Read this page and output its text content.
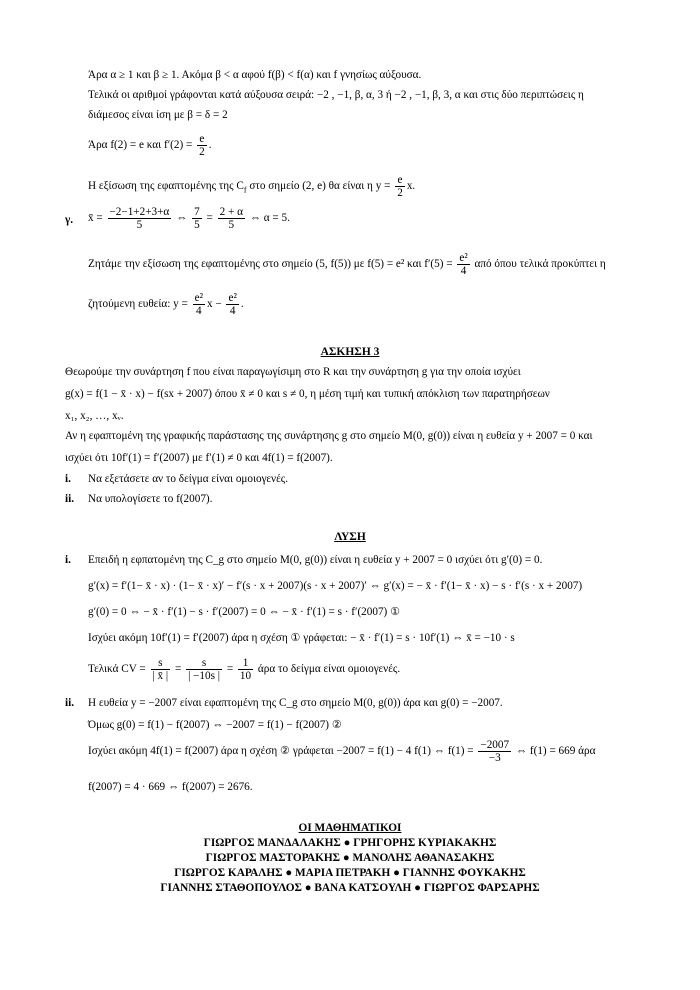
Άρα α ≥ 1 και β ≥ 1. Ακόμα β < α αφού f(β) < f(α) και f γνησίως αύξουσα.
Τελικά οι αριθμοί γράφονται κατά αύξουσα σειρά: −2 , −1, β, α, 3 ή −2 , −1, β, 3, α και στις δύο περιπτώσεις η
διάμεσος είναι ίση με β = δ = 2
Άρα f(2) = e και $f'(2) = \frac{e}{2}$ .
Η εξίσωση της εφαπτομένης της $C_f$ στο σημείο (2, e) θα είναι η $y = \frac{e}{2} x$.
γ. x̄ = $\frac{-2-1+2+3+\alpha}{5}$ ⇔ $\frac{7}{5} = \frac{2 + \alpha}{5}$ ⇔ α = 5.
Ζητάμε την εξίσωση της εφαπτομένης στο σημείο (5, f(5)) με f(5) = e² και $f'(5) = \frac{\text{e²}}{4}$ από όπου τελικά προκύπτει η
ζητούμενη ευθεία: $y = \frac{\text{e²}}{4}$ $x - \frac{\text{e²}}{4}$ .
ΑΣΚΗΣΗ 3
Θεωρούμε την συνάρτηση f που είναι παραγωγίσιμη στο R και την συνάρτηση g για την οποία ισχύει
g(x) = f(1 − x̄ · x) − f(sx + 2007) όπου x̄ ≠ 0 και s ≠ 0, η μέση τιμή και τυπική απόκλιση των παρατηρήσεων
x₁, x₂, …, xᵥ.
Αν η εφαπτομένη της γραφικής παράστασης της συνάρτησης g στο σημείο M(0, g(0)) είναι η ευθεία y + 2007 = 0 και
ισχύει ότι 10f′(1) = f′(2007) με f′(1) ≠ 0 και 4f(1) = f(2007).
i. Να εξετάσετε αν το δείγμα είναι ομοιογενές.
ii. Να υπολογίσετε το f(2007).
ΛΥΣΗ
i. Επειδή η εφπατομένη της C_g στο σημείο M(0, g(0)) είναι η ευθεία y + 2007 = 0 ισχύει ότι g′(0) = 0.
g′(x) = f′(1− x̄ · x) · (1− x̄ · x)′ − f′(s · x + 2007)(s · x + 2007)′ ⇔ g′(x) = − x̄ · f′(1− x̄ · x) − s · f′(s · x + 2007)
g′(0) = 0 ⇔ − x̄ · f′(1) − s · f′(2007) = 0 ⇔ − x̄ · f′(1) = s · f′(2007) ①
Ισχύει ακόμη 10f′(1) = f′(2007) άρα η σχέση ① γράφεται: − x̄ · f′(1) = s · 10f′(1) ⇔ x̄ = −10 · s
Τελικά CV = $\frac{s}{| x̄ |} = \frac{s}{| -10s |} = \frac{1}{10}$ άρα το δείγμα είναι ομοιογενές.
ii. Η ευθεία y = −2007 είναι εφαπτομένη της C_g στο σημείο M(0, g(0)) άρα και g(0) = −2007.
Όμως g(0) = f(1) − f(2007) ⇔ −2007 = f(1) − f(2007) ②
Ισχύει ακόμη 4f(1) = f(2007) άρα η σχέση ② γράφεται −2007 = f(1) − 4 f(1) ⇔ $f(1) = \frac{-2007}{-3}$ ⇔ f(1) = 669 άρα
f(2007) = 4 · 669 ⇔ f(2007) = 2676.
ΟΙ ΜΑΘΗΜΑΤΙΚΟΙ
ΓΙΩΡΓΟΣ ΜΑΝΔΑΛΑΚΗΣ ● ΓΡΗΓΟΡΗΣ ΚΥΡΙΑΚΑΚΗΣ
ΓΙΩΡΓΟΣ ΜΑΣΤΟΡΑΚΗΣ ● ΜΑΝΟΛΗΣ ΑΘΑΝΑΣΑΚΗΣ
ΓΙΩΡΓΟΣ ΚΑΡΑΛΗΣ ● ΜΑΡΙΑ ΠΕΤΡΑΚΗ ● ΓΙΑΝΝΗΣ ΦΟΥΚΑΚΗΣ
ΓΙΑΝΝΗΣ ΣΤΑΘΟΠΟΥΛΟΣ ● ΒΑΝΑ ΚΑΤΣΟΥΛΗ ● ΓΙΩΡΓΟΣ ΦΑΡΣΑΡΗΣ
